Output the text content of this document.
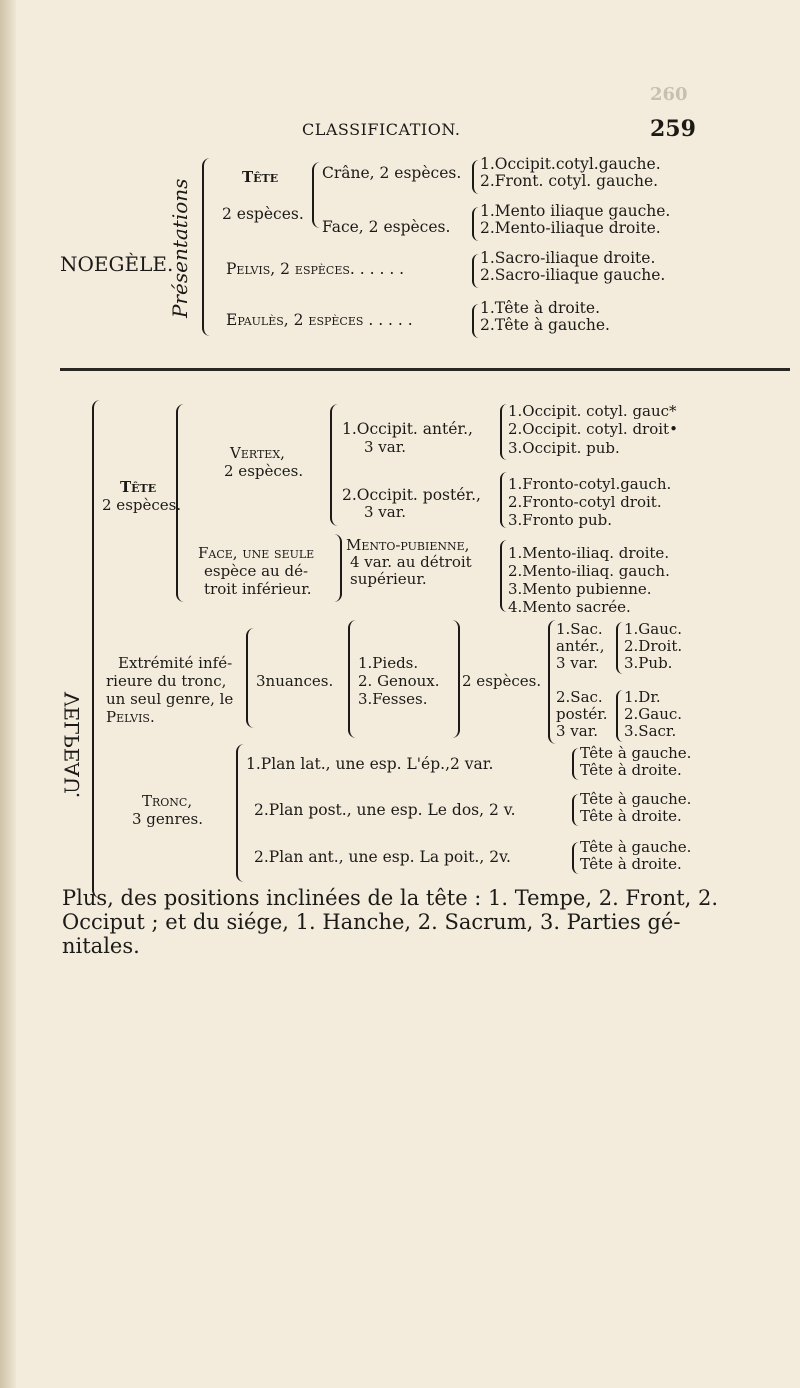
260
CLASSIFICATION.	259
NOEGÈLE.
Présentations
Tête
2 espèces.
Crâne, 2 espèces. 1.Occipit.cotyl.gauche.
2.Front. cotyl. gauche.
Face, 2 espèces.
1.Mento iliaque gauche.
2.Mento-iliaque droite.
Pelvis, 2 espèces. . . . . .
1.Sacro-iliaque droite.
2.Sacro-iliaque gauche.
Epaulès, 2 espèces . . . . .
1.Tête à droite.
2.Tête à gauche.
VELPEAU.
Tête
2 espèces.
Vertex,
2 espèces.
1.Occipit. antér.,
3 var.
1.Occipit. cotyl. gauc*
2.Occipit. cotyl. droit•
3.Occipit. pub.
2.Occipit. postér.,
3 var.
1.Fronto-cotyl.gauch.
2.Fronto-cotyl droit.
3.Fronto pub.
Face, une seule
espèce au dé-
troit inférieur.
Mento-pubienne,
4 var. au détroit
supérieur.
1.Mento-iliaq. droite.
2.Mento-iliaq. gauch.
3.Mento pubienne.
4.Mento sacrée.
Extrémité infé-
rieure du tronc,
un seul genre, le
Pelvis.
3nuances.
1.Pieds.
2. Genoux.
3.Fesses.
2 espèces.
1.Sac.
antér.,
3 var.
1.Gauc.
2.Droit.
3.Pub.
2.Sac.
postér.
3 var.
1.Dr.
2.Gauc.
3.Sacr.
Tronc,
3 genres.
1.Plan lat., une esp. L'ép.,2 var.
Tête à gauche.
Tête à droite.
2.Plan post., une esp. Le dos, 2 v.
Tête à gauche.
Tête à droite.
2.Plan ant., une esp. La poit., 2v.
Tête à gauche.
Tête à droite.
Plus, des positions inclinées de la tête : 1. Tempe, 2. Front, 2. Occiput ; et du siége, 1. Hanche, 2. Sacrum, 3. Parties gé-nitales.
